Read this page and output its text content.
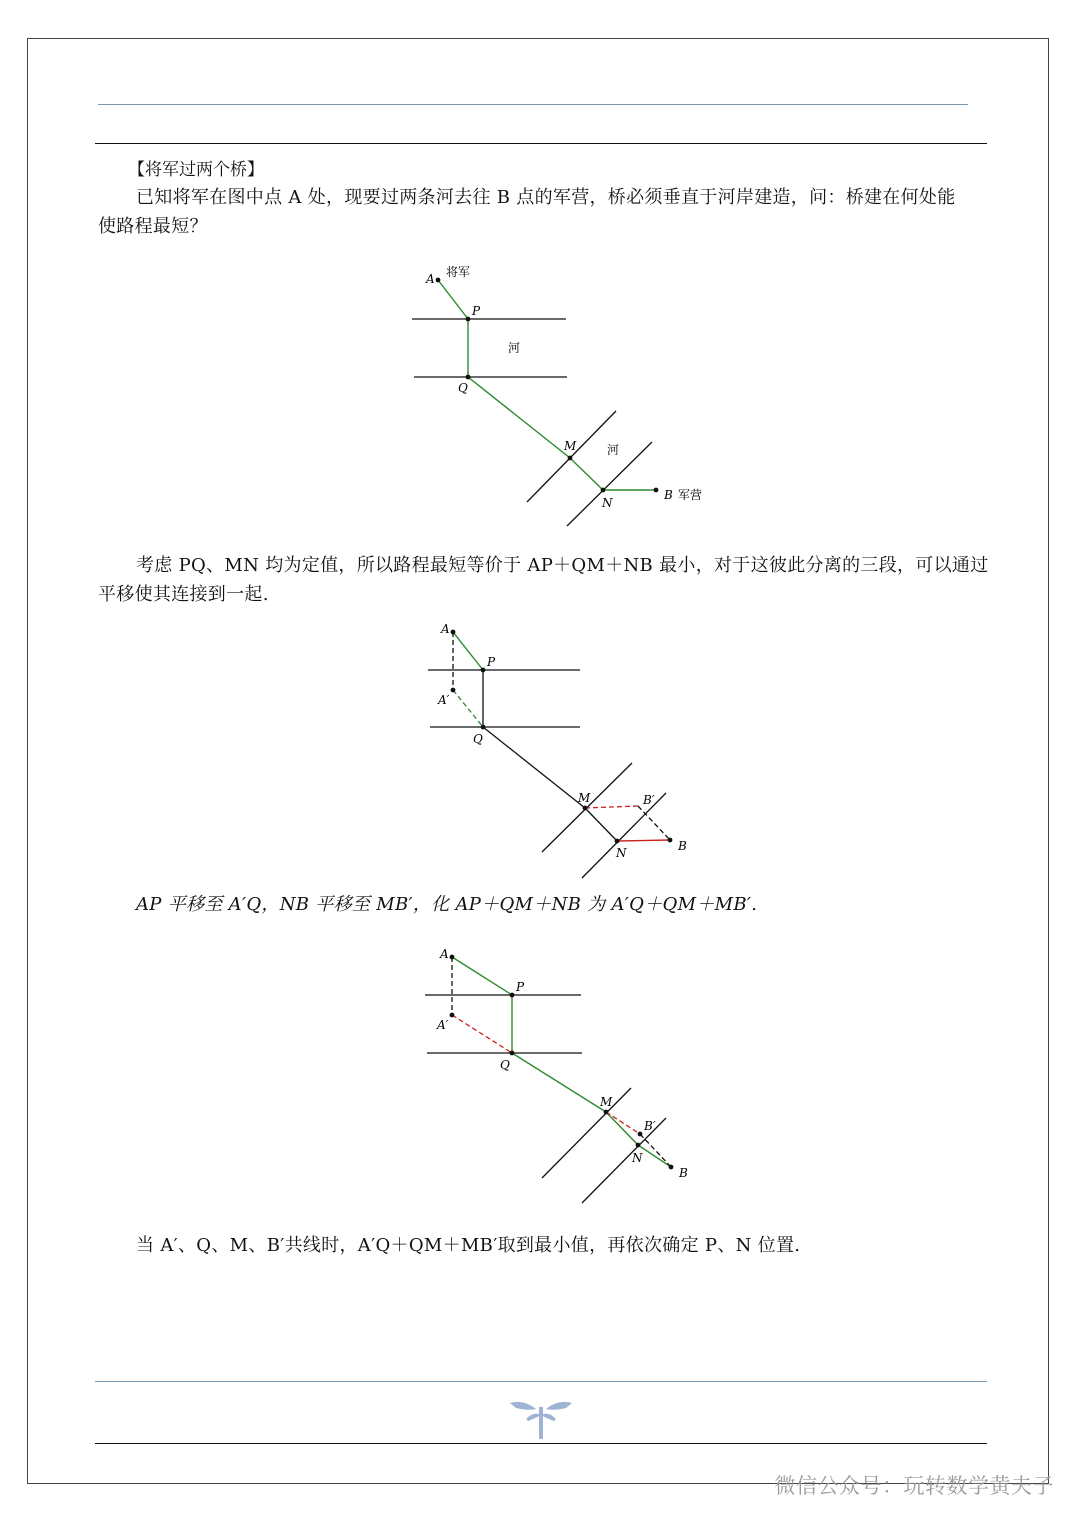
【将军过两个桥】
已知将军在图中点 A 处，现要过两条河去往 B 点的军营，桥必须垂直于河岸建造，问：桥建在何处能
使路程最短？
A 将军
P
河
Q
M	河
N
B 军营
考虑 PQ、MN 均为定值，所以路程最短等价于 AP＋QM＋NB 最小，对于这彼此分离的三段，可以通过
平移使其连接到一起.
A
P
A′
Q
M	B′
N	B
AP 平移至 A′Q，NB 平移至 MB′，化 AP＋QM＋NB 为 A′Q＋QM＋MB′.
A
P
A′
Q
M
B′
N
B
当 A′、Q、M、B′共线时，A′Q＋QM＋MB′取到最小值，再依次确定 P、N 位置.
微信公众号：玩转数学黄夫子
